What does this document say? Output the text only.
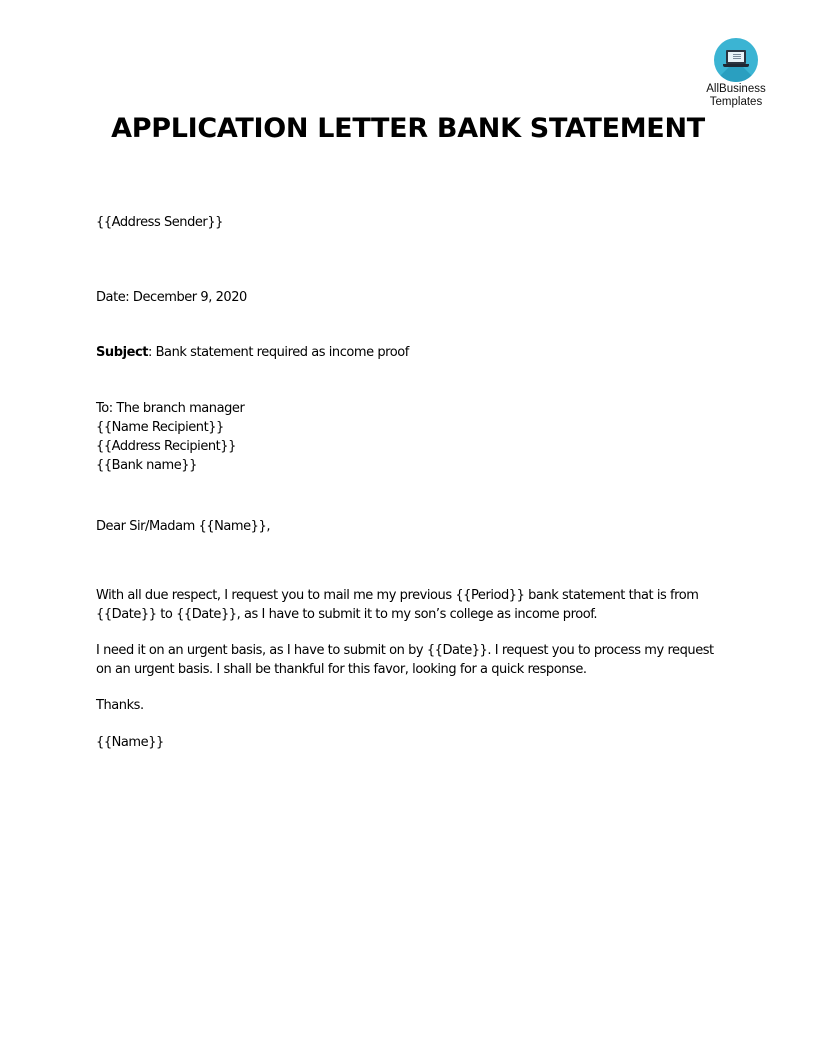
AllBusiness
Templates
APPLICATION LETTER BANK STATEMENT
{{Address Sender}}
Date: December 9, 2020
Subject: Bank statement required as income proof
To: The branch manager
{{Name Recipient}}
{{Address Recipient}}
{{Bank name}}
Dear Sir/Madam {{Name}},
With all due respect, I request you to mail me my previous {{Period}} bank statement that is from {{Date}} to {{Date}}, as I have to submit it to my son’s college as income proof.
I need it on an urgent basis, as I have to submit on by {{Date}}. I request you to process my request on an urgent basis. I shall be thankful for this favor, looking for a quick response.
Thanks.
{{Name}}
